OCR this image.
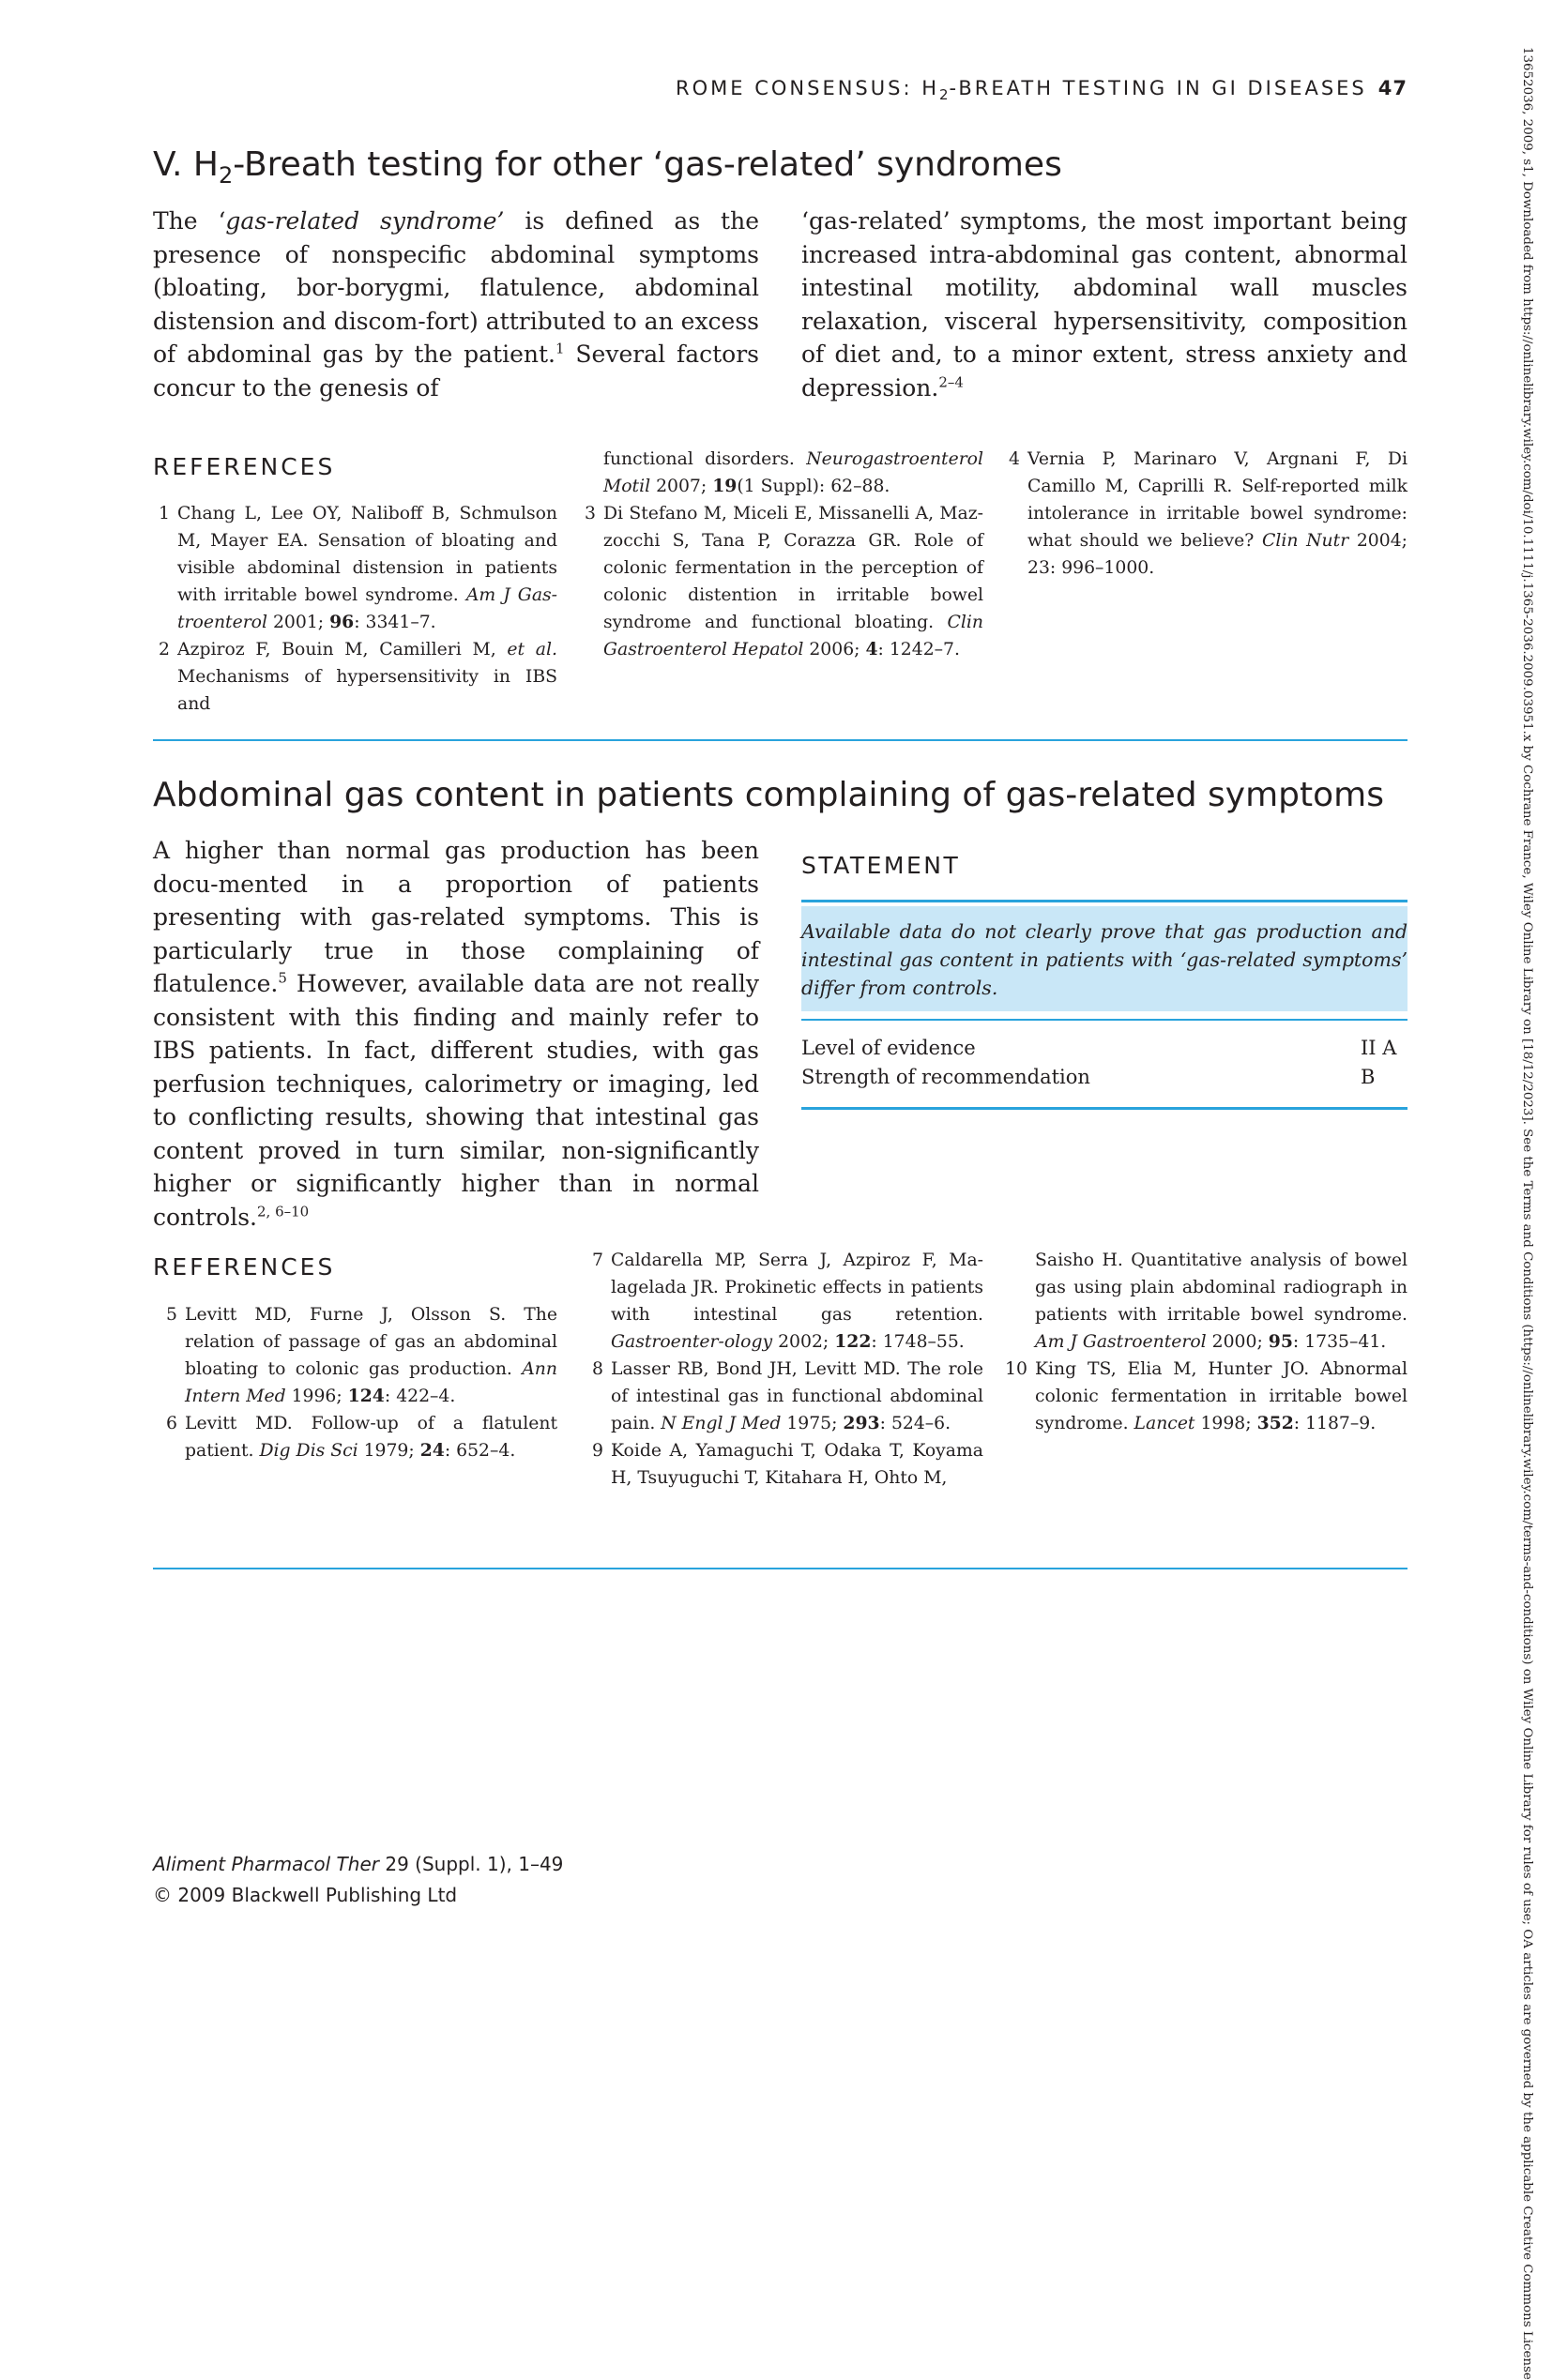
ROME CONSENSUS: $H_2$-BREATH TESTING IN GI DISEASES 47
V. $H_2$-Breath testing for other ‘gas-related’ syndromes

The ‘gas-related syndrome’ is defined as the presence of nonspecific abdominal symptoms (bloating, bor-borygmi, flatulence, abdominal distension and discom-fort) attributed to an excess of abdominal gas by the patient.$^1$ Several factors concur to the genesis of

‘gas-related’ symptoms, the most important being increased intra-abdominal gas content, abnormal intestinal motility, abdominal wall muscles relaxation, visceral hypersensitivity, composition of diet and, to a minor extent, stress anxiety and depression.$^{2-4}$

REFERENCES
1 Chang L, Lee OY, Naliboff B, Schmulson M, Mayer EA. Sensation of bloating and visible abdominal distension in patients with irritable bowel syndrome. Am J Gas-troenterol 2001; 96: 3341–7.
2 Azpiroz F, Bouin M, Camilleri M, et al. Mechanisms of hypersensitivity in IBS and
functional disorders. Neurogastroenterol Motil 2007; 19(1 Suppl): 62–88.
3 Di Stefano M, Miceli E, Missanelli A, Maz-zocchi S, Tana P, Corazza GR. Role of colonic fermentation in the perception of colonic distention in irritable bowel syndrome and functional bloating. Clin Gastroenterol Hepatol 2006; 4: 1242–7.
4 Vernia P, Marinaro V, Argnani F, Di Camillo M, Caprilli R. Self-reported milk intolerance in irritable bowel syndrome: what should we believe? Clin Nutr 2004; 23: 996–1000.
Abdominal gas content in patients complaining of gas-related symptoms

A higher than normal gas production has been docu-mented in a proportion of patients presenting with gas-related symptoms. This is particularly true in those complaining of flatulence.$^5$ However, available data are not really consistent with this finding and mainly refer to IBS patients. In fact, different studies, with gas perfusion techniques, calorimetry or imaging, led to conflicting results, showing that intestinal gas content proved in turn similar, non-significantly higher or significantly higher than in normal controls.$^{2, 6-10}$

STATEMENT
Available data do not clearly prove that gas production and intestinal gas content in patients with ‘gas-related symptoms’ differ from controls.
Level of evidence	II A
Strength of recommendation	B
REFERENCES
5 Levitt MD, Furne J, Olsson S. The relation of passage of gas an abdominal bloating to colonic gas production. Ann Intern Med 1996; 124: 422–4.
6 Levitt MD. Follow-up of a flatulent patient. Dig Dis Sci 1979; 24: 652–4.
7 Caldarella MP, Serra J, Azpiroz F, Ma-lagelada JR. Prokinetic effects in patients with intestinal gas retention. Gastroenter-ology 2002; 122: 1748–55.
8 Lasser RB, Bond JH, Levitt MD. The role of intestinal gas in functional abdominal pain. N Engl J Med 1975; 293: 524–6.
9 Koide A, Yamaguchi T, Odaka T, Koyama H, Tsuyuguchi T, Kitahara H, Ohto M,
Saisho H. Quantitative analysis of bowel gas using plain abdominal radiograph in patients with irritable bowel syndrome. Am J Gastroenterol 2000; 95: 1735–41.
10 King TS, Elia M, Hunter JO. Abnormal colonic fermentation in irritable bowel syndrome. Lancet 1998; 352: 1187–9.
Aliment Pharmacol Ther 29 (Suppl. 1), 1–49
© 2009 Blackwell Publishing Ltd	13652036, 2009, s1, Downloaded from https://onlinelibrary.wiley.com/doi/10.1111/j.1365-2036.2009.03951.x by Cochrane France, Wiley Online Library on [18/12/2023]. See the Terms and Conditions (https://onlinelibrary.wiley.com/terms-and-conditions) on Wiley Online Library for rules of use; OA articles are governed by the applicable Creative Commons License
